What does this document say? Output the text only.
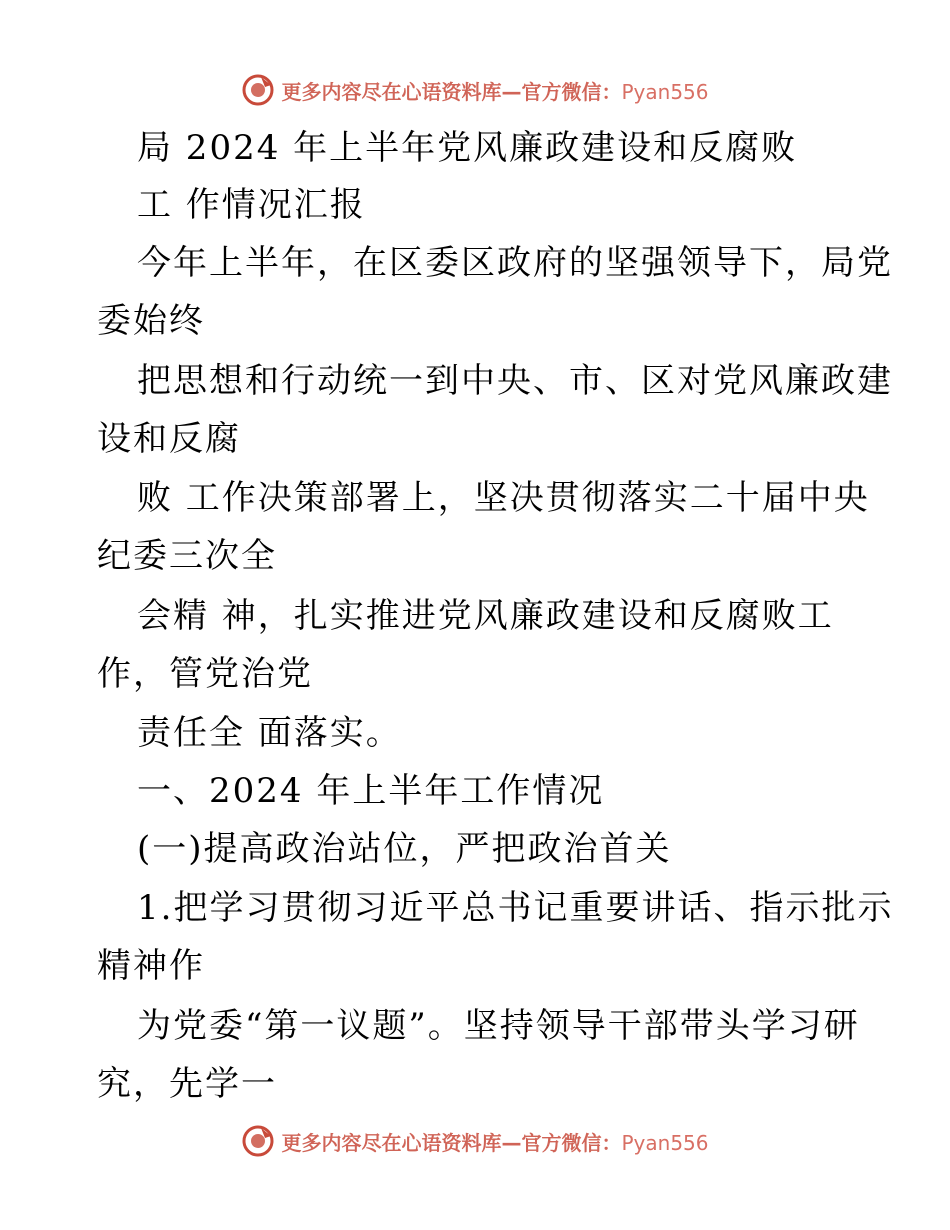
更多内容尽在心语资料库—官方微信：Pyan556
局 2024 年上半年党风廉政建设和反腐败
工 作情况汇报
今年上半年，在区委区政府的坚强领导下，局党
委始终
把思想和行动统一到中央、市、区对党风廉政建
设和反腐
败 工作决策部署上，坚决贯彻落实二十届中央
纪委三次全
会精 神，扎实推进党风廉政建设和反腐败工
作，管党治党
责任全 面落实。
一、2024 年上半年工作情况
(一)提高政治站位，严把政治首关
1.把学习贯彻习近平总书记重要讲话、指示批示
精神作
为党委“第一议题”。坚持领导干部带头学习研
究，先学一
更多内容尽在心语资料库—官方微信：Pyan556
